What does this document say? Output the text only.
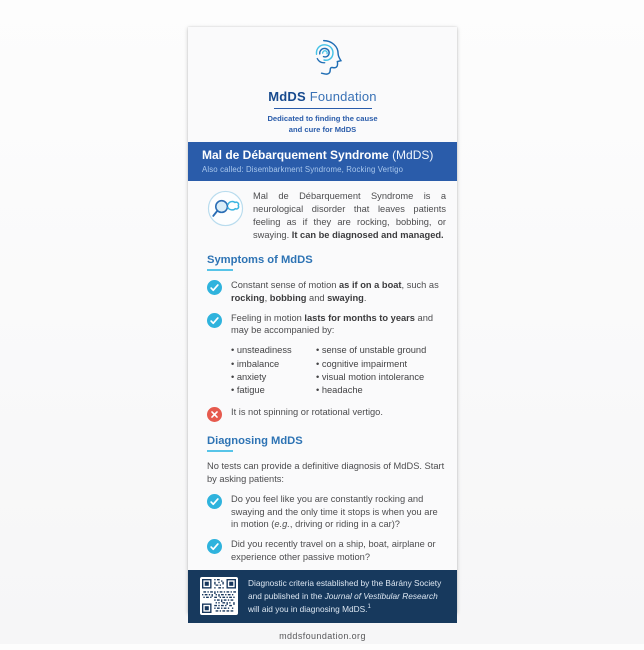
MdDS Foundation
Dedicated to finding the cause
and cure for MdDS
Mal de Débarquement Syndrome (MdDS)
Also called: Disembarkment Syndrome, Rocking Vertigo

Mal de Débarquement Syndrome is a neurological disorder that leaves patients feeling as if they are rocking, bobbing, or swaying. It can be diagnosed and managed.

Symptoms of MdDS

Constant sense of motion as if on a boat, such as rocking, bobbing and swaying.

Feeling in motion lasts for months to years and may be accompanied by:

• unsteadiness
• imbalance
• anxiety
• fatigue
• sense of unstable ground
• cognitive impairment
• visual motion intolerance
• headache

It is not spinning or rotational vertigo.

Diagnosing MdDS

No tests can provide a definitive diagnosis of MdDS. Start by asking patients:

Do you feel like you are constantly rocking and swaying and the only time it stops is when you are in motion (e.g., driving or riding in a car)?

Did you recently travel on a ship, boat, airplane or experience other passive motion?

Diagnostic criteria established by the Bárány Society and published in the Journal of Vestibular Research will aid you in diagnosing MdDS.$^1$

mddsfoundation.org
